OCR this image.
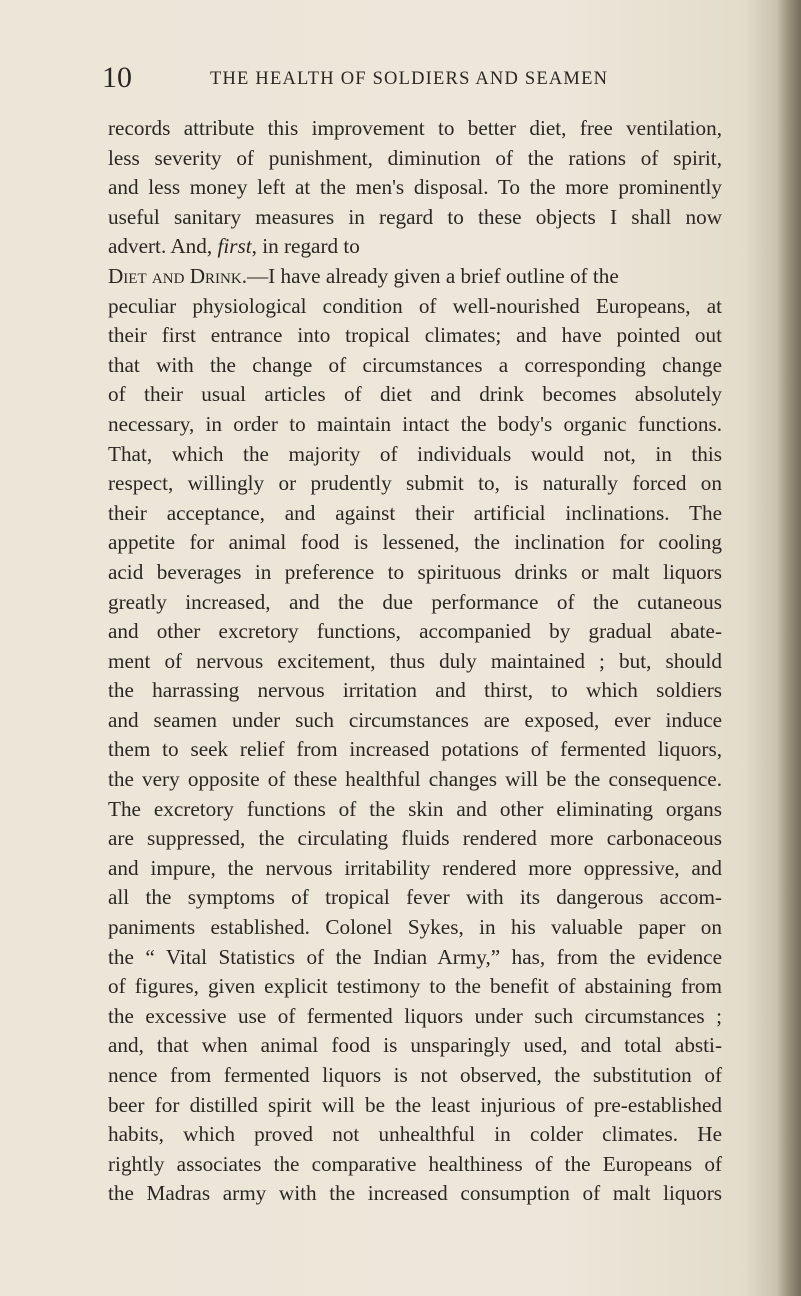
10	THE HEALTH OF SOLDIERS AND SEAMEN
records attribute this improvement to better diet, free ventilation,
less severity of punishment, diminution of the rations of spirit,
and less money left at the men's disposal. To the more prominently
useful sanitary measures in regard to these objects I shall now
advert. And, first, in regard to
Diet and Drink.—I have already given a brief outline of the
peculiar physiological condition of well-nourished Europeans, at
their first entrance into tropical climates; and have pointed out
that with the change of circumstances a corresponding change
of their usual articles of diet and drink becomes absolutely
necessary, in order to maintain intact the body's organic functions.
That, which the majority of individuals would not, in this
respect, willingly or prudently submit to, is naturally forced on
their acceptance, and against their artificial inclinations. The
appetite for animal food is lessened, the inclination for cooling
acid beverages in preference to spirituous drinks or malt liquors
greatly increased, and the due performance of the cutaneous
and other excretory functions, accompanied by gradual abate-
ment of nervous excitement, thus duly maintained ; but, should
the harrassing nervous irritation and thirst, to which soldiers
and seamen under such circumstances are exposed, ever induce
them to seek relief from increased potations of fermented liquors,
the very opposite of these healthful changes will be the consequence.
The excretory functions of the skin and other eliminating organs
are suppressed, the circulating fluids rendered more carbonaceous
and impure, the nervous irritability rendered more oppressive, and
all the symptoms of tropical fever with its dangerous accom-
paniments established. Colonel Sykes, in his valuable paper on
the “ Vital Statistics of the Indian Army,” has, from the evidence
of figures, given explicit testimony to the benefit of abstaining from
the excessive use of fermented liquors under such circumstances ;
and, that when animal food is unsparingly used, and total absti-
nence from fermented liquors is not observed, the substitution of
beer for distilled spirit will be the least injurious of pre-established
habits, which proved not unhealthful in colder climates. He
rightly associates the comparative healthiness of the Europeans of
the Madras army with the increased consumption of malt liquors
